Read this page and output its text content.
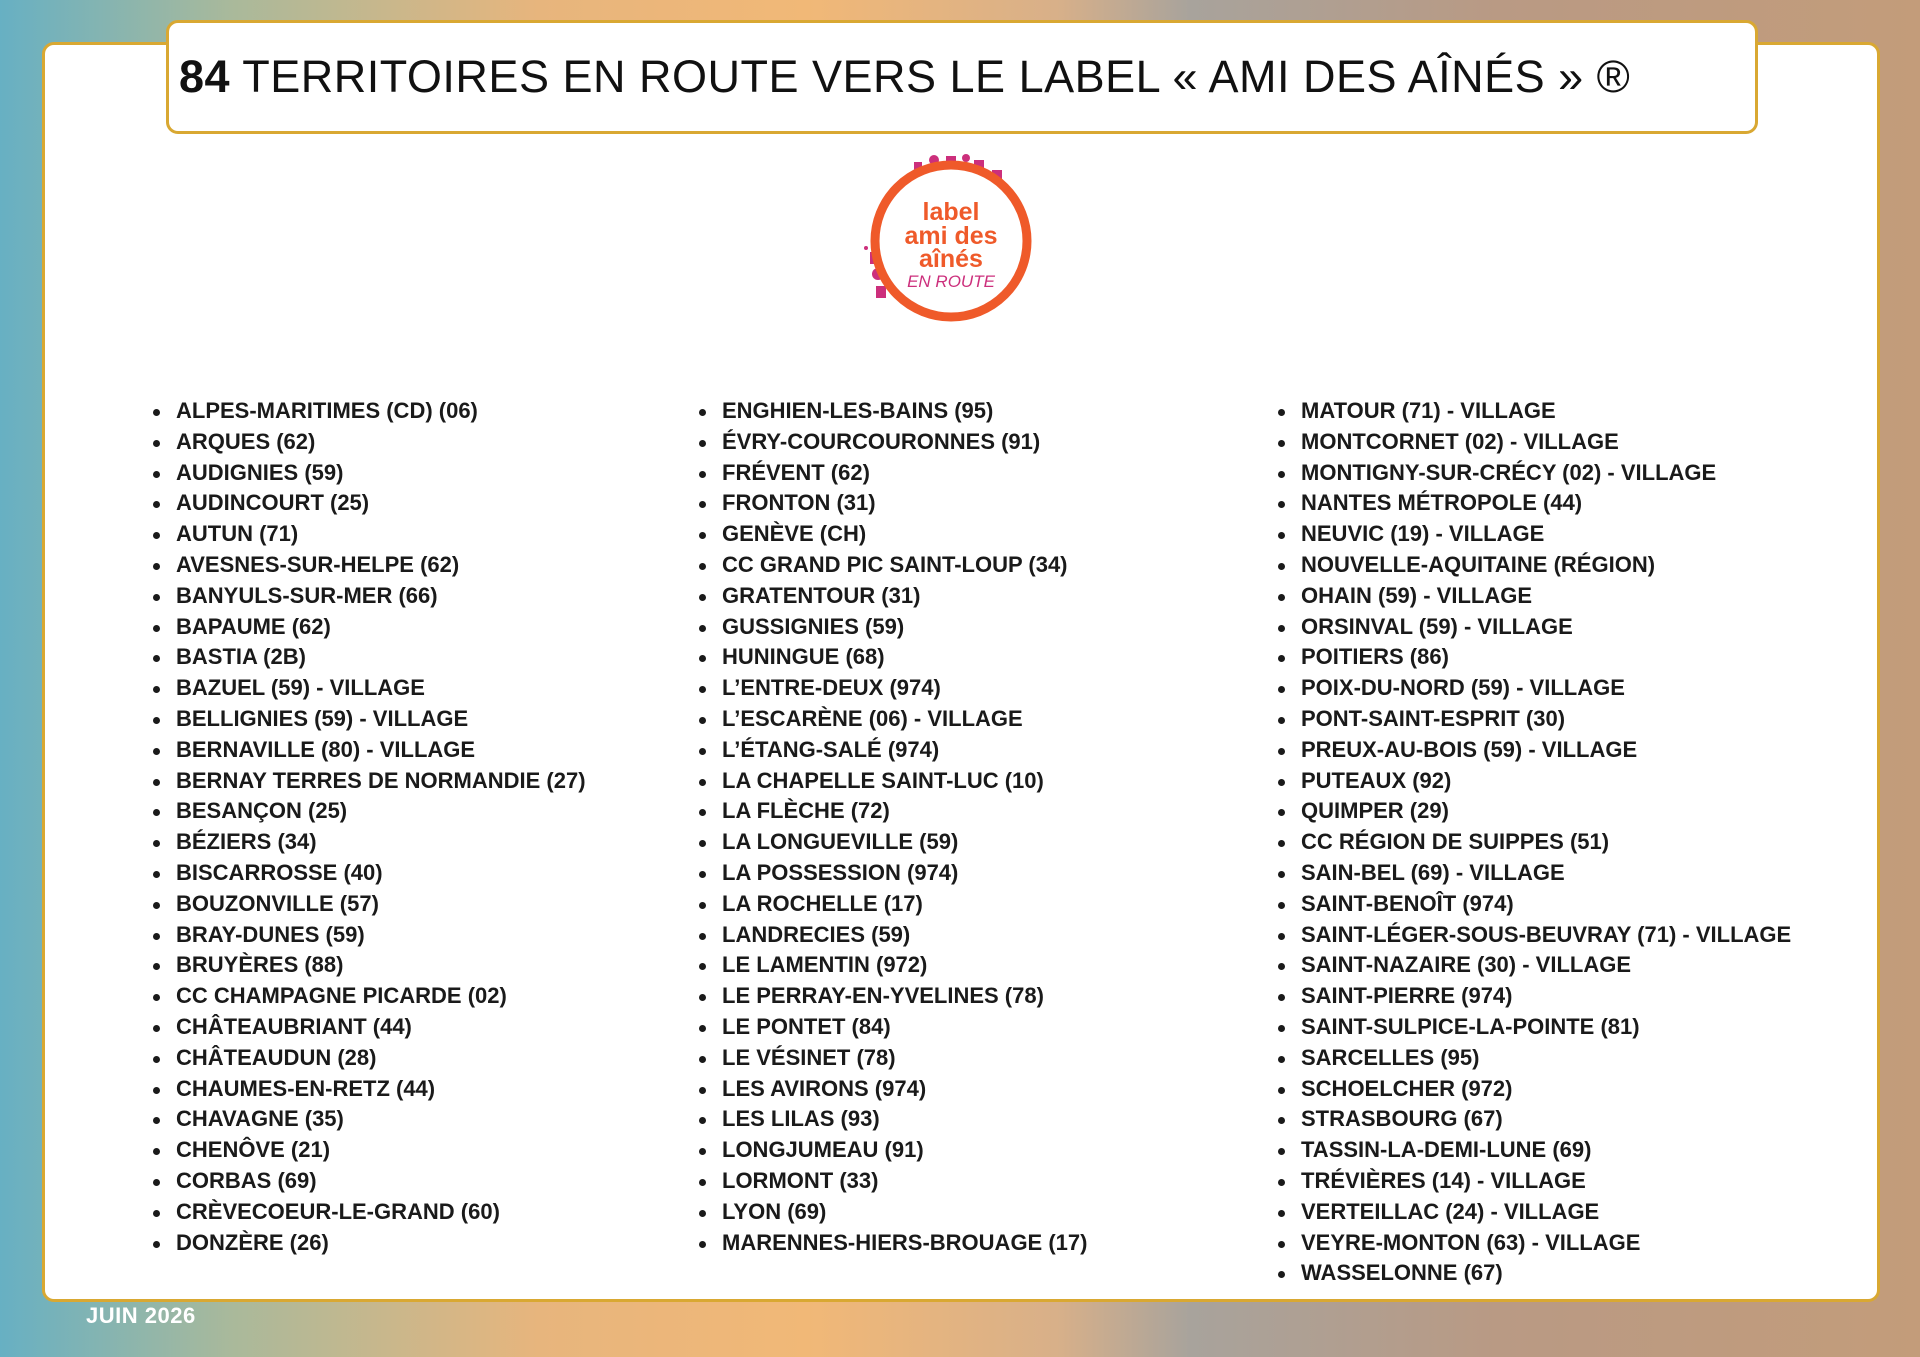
84 TERRITOIRES EN ROUTE VERS LE LABEL « AMI DES AÎNÉS » ®
label
ami des
aînés
EN ROUTE
ALPES-MARITIMES (CD) (06)
ARQUES (62)
AUDIGNIES (59)
AUDINCOURT (25)
AUTUN (71)
AVESNES-SUR-HELPE (62)
BANYULS-SUR-MER (66)
BAPAUME (62)
BASTIA (2B)
BAZUEL (59) - VILLAGE
BELLIGNIES (59) - VILLAGE
BERNAVILLE (80) - VILLAGE
BERNAY TERRES DE NORMANDIE (27)
BESANÇON (25)
BÉZIERS (34)
BISCARROSSE (40)
BOUZONVILLE (57)
BRAY-DUNES (59)
BRUYÈRES (88)
CC CHAMPAGNE PICARDE (02)
CHÂTEAUBRIANT (44)
CHÂTEAUDUN (28)
CHAUMES-EN-RETZ (44)
CHAVAGNE (35)
CHENÔVE (21)
CORBAS (69)
CRÈVECOEUR-LE-GRAND (60)
DONZÈRE (26)
ENGHIEN-LES-BAINS (95)
ÉVRY-COURCOURONNES (91)
FRÉVENT (62)
FRONTON (31)
GENÈVE (CH)
CC GRAND PIC SAINT-LOUP (34)
GRATENTOUR (31)
GUSSIGNIES (59)
HUNINGUE (68)
L’ENTRE-DEUX (974)
L’ESCARÈNE (06) - VILLAGE
L’ÉTANG-SALÉ (974)
LA CHAPELLE SAINT-LUC (10)
LA FLÈCHE (72)
LA LONGUEVILLE (59)
LA POSSESSION (974)
LA ROCHELLE (17)
LANDRECIES (59)
LE LAMENTIN (972)
LE PERRAY-EN-YVELINES (78)
LE PONTET (84)
LE VÉSINET (78)
LES AVIRONS (974)
LES LILAS (93)
LONGJUMEAU (91)
LORMONT (33)
LYON (69)
MARENNES-HIERS-BROUAGE (17)
MATOUR (71) - VILLAGE
MONTCORNET (02) - VILLAGE
MONTIGNY-SUR-CRÉCY (02) - VILLAGE
NANTES MÉTROPOLE (44)
NEUVIC (19) - VILLAGE
NOUVELLE-AQUITAINE (RÉGION)
OHAIN (59) - VILLAGE
ORSINVAL (59) - VILLAGE
POITIERS (86)
POIX-DU-NORD (59) - VILLAGE
PONT-SAINT-ESPRIT (30)
PREUX-AU-BOIS (59) - VILLAGE
PUTEAUX (92)
QUIMPER (29)
CC RÉGION DE SUIPPES (51)
SAIN-BEL (69) - VILLAGE
SAINT-BENOÎT (974)
SAINT-LÉGER-SOUS-BEUVRAY (71) - VILLAGE
SAINT-NAZAIRE (30) - VILLAGE
SAINT-PIERRE (974)
SAINT-SULPICE-LA-POINTE (81)
SARCELLES (95)
SCHOELCHER (972)
STRASBOURG (67)
TASSIN-LA-DEMI-LUNE (69)
TRÉVIÈRES (14) - VILLAGE
VERTEILLAC (24) - VILLAGE
VEYRE-MONTON (63) - VILLAGE
WASSELONNE (67)
JUIN 2026
